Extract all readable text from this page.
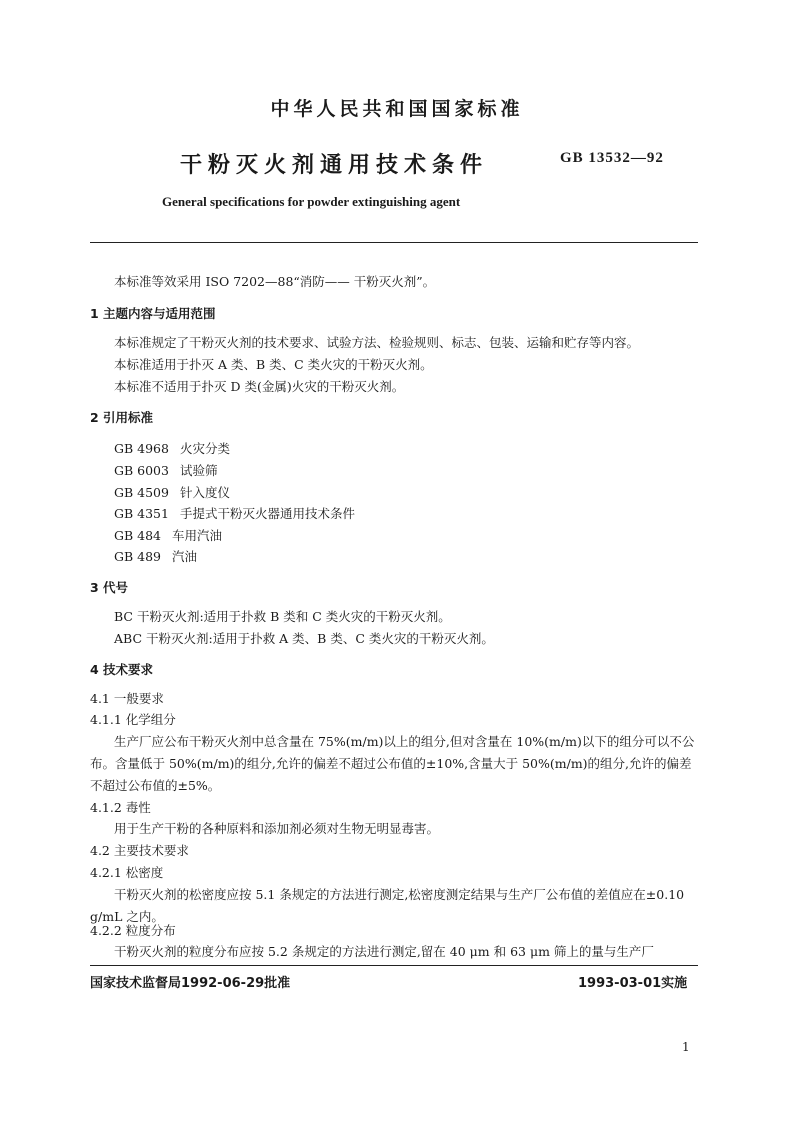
中华人民共和国国家标准
干粉灭火剂通用技术条件	GB 13532—92
General specifications for powder extinguishing agent
本标准等效采用 ISO 7202—88“消防—— 干粉灭火剂”。
1 主题内容与适用范围
本标准规定了干粉灭火剂的技术要求、试验方法、检验规则、标志、包装、运输和贮存等内容。
本标准适用于扑灭 A 类、B 类、C 类火灾的干粉灭火剂。
本标准不适用于扑灭 D 类(金属)火灾的干粉灭火剂。
2 引用标准
GB 4968 火灾分类
GB 6003 试验筛
GB 4509 针入度仪
GB 4351 手提式干粉灭火器通用技术条件
GB 484 车用汽油
GB 489 汽油
3 代号
BC 干粉灭火剂:适用于扑救 B 类和 C 类火灾的干粉灭火剂。
ABC 干粉灭火剂:适用于扑救 A 类、B 类、C 类火灾的干粉灭火剂。
4 技术要求
4.1 一般要求
4.1.1 化学组分
生产厂应公布干粉灭火剂中总含量在 75%(m/m)以上的组分,但对含量在 10%(m/m)以下的组分可以不公布。含量低于 50%(m/m)的组分,允许的偏差不超过公布值的±10%,含量大于 50%(m/m)的组分,允许的偏差不超过公布值的±5%。
4.1.2 毒性
用于生产干粉的各种原料和添加剂必须对生物无明显毒害。
4.2 主要技术要求
4.2.1 松密度
干粉灭火剂的松密度应按 5.1 条规定的方法进行测定,松密度测定结果与生产厂公布值的差值应在±0.10 g/mL 之内。
4.2.2 粒度分布
干粉灭火剂的粒度分布应按 5.2 条规定的方法进行测定,留在 40 μm 和 63 μm 筛上的量与生产厂
国家技术监督局1992-06-29批准	1993-03-01实施
1
